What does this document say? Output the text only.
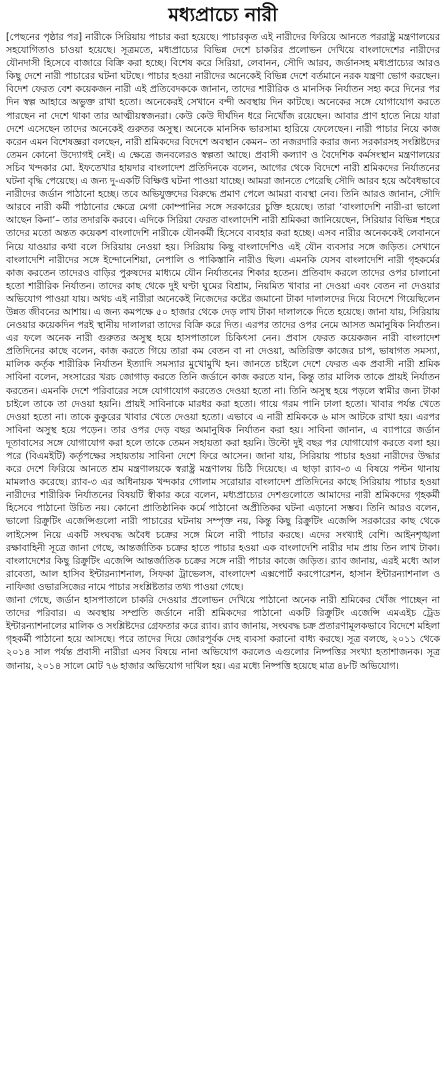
মধ্যপ্রাচ্যে নারী

[পেছনের পৃষ্ঠার পর] নারীকে সিরিয়ায় পাচার করা হয়েছে। পাচারকৃত এই নারীদের ফিরিয়ে আনতে পররাষ্ট্র মন্ত্রণালয়ের সহযোগিতাও চাওয়া হয়েছে। সূত্রমতে, মধ্যপ্রাচ্যের বিভিন্ন দেশে চাকরির প্রলোভন দেখিয়ে বাংলাদেশের নারীদের যৌনদাসী হিসেবে বাজারে বিক্রি করা হচ্ছে। বিশেষ করে সিরিয়া, লেবানন, সৌদি আরব, জর্ডানসহ মধ্যপ্রাচ্যের আরও কিছু দেশে নারী পাচারের ঘটনা ঘটছে। পাচার হওয়া নারীদের অনেকেই বিভিন্ন দেশে বর্তমানে নরক যন্ত্রণা ভোগ করছেন। বিদেশ ফেরত বেশ কয়েকজন নারী এই প্রতিবেদককে জানান, তাদের শারীরিক ও মানসিক নির্যাতন সহ্য করে দিনের পর দিন স্বল্প আহারে অভুক্ত রাখা হতো। অনেকেরই সেখানে বন্দী অবস্থায় দিন কাটছে। অনেকের সঙ্গে যোগাযোগ করতে পারছেন না দেশে থাকা তার আত্মীয়স্বজনরা। কেউ কেউ দীর্ঘদিন ধরে নিখোঁজ রয়েছেন। আবার প্রাণ হাতে নিয়ে যারা দেশে এসেছেন তাদের অনেকেই গুরুতর অসুস্থ। অনেকে মানসিক ভারসাম্য হারিয়ে ফেলেছেন। নারী পাচার নিয়ে কাজ করেন এমন বিশেষজ্ঞরা বলছেন, নারী শ্রমিকদের বিদেশে অবস্থান কেমন– তা নজরদারি করার জন্য সরকারসহ সংশ্লিষ্টদের তেমন কোনো উদ্যোগই নেই। এ ক্ষেত্রে জনবলেরও স্বল্পতা আছে। প্রবাসী কল্যাণ ও বৈদেশিক কর্মসংস্থান মন্ত্রণালয়ের সচিব খন্দকার মো. ইফতেখার হায়দার বাংলাদেশ প্রতিদিনকে বলেন, আগের থেকে বিদেশে নারী শ্রমিকদের নির্যাতনের ঘটনা বৃদ্ধি পেয়েছে। এ জন্য দু-একটি বিক্ষিপ্ত ঘটনা পাওয়া যাচ্ছে। আমরা জানতে পেরেছি সৌদি আরব হয়ে অবৈধভাবে নারীদের জর্ডান পাঠানো হচ্ছে। তবে অভিযুক্তদের বিরুদ্ধে প্রমাণ পেলে আমরা ব্যবস্থা নেব। তিনি আরও জানান, সৌদি আরবে নারী কর্মী পাঠানোর ক্ষেত্রে মেগা কোম্পানির সঙ্গে সরকারের চুক্তি হয়েছে। তারা ‘বাংলাদেশি নারী-রা ভালো আছেন কিনা’– তার তদারকি করবে। এদিকে সিরিয়া ফেরত বাংলাদেশি নারী শ্রমিকরা জানিয়েছেন, সিরিয়ার বিভিন্ন শহরে তাদের মতো অন্তত কয়েকশ বাংলাদেশি নারীকে যৌনকর্মী হিসেবে ব্যবহার করা হচ্ছে। এসব নারীর অনেককেই লেবাননে নিয়ে যাওয়ার কথা বলে সিরিয়ায় নেওয়া হয়। সিরিয়ায় কিছু বাংলাদেশিও এই যৌন ব্যবসার সঙ্গে জড়িত। সেখানে বাংলাদেশি নারীদের সঙ্গে ইন্দোনেশিয়া, নেপালি ও পাকিস্তানি নারীও ছিল। এমনকি যেসব বাংলাদেশি নারী গৃহকর্মের কাজ করতেন তাদেরও বাড়ির পুরুষদের মাধ্যমে যৌন নির্যাতনের শিকার হতেন। প্রতিবাদ করলে তাদের ওপর চালানো হতো শারীরিক নির্যাতন। তাদের কাছ থেকে দুই ঘণ্টা ঘুমের বিশ্রাম, নিয়মিত খাবার না দেওয়া এবং বেতন না দেওয়ার অভিযোগ পাওয়া যায়। অথচ এই নারীরা অনেকেই নিজেদের কষ্টের জমানো টাকা দালালদের দিয়ে বিদেশে গিয়েছিলেন উন্নত জীবনের আশায়। এ জন্য কমপক্ষে ৫০ হাজার থেকে দেড় লাখ টাকা দালালকে দিতে হয়েছে। জানা যায়, সিরিয়ায় নেওয়ার কয়েকদিন পরই স্থানীয় দালালরা তাদের বিক্রি করে দিত। এরপর তাদের ওপর নেমে আসত অমানুষিক নির্যাতন। এর ফলে অনেক নারী গুরুতর অসুস্থ হয়ে হাসপাতালে চিকিৎসা নেন। প্রবাস ফেরত কয়েকজন নারী বাংলাদেশ প্রতিদিনের কাছে বলেন, কাজ করতে গিয়ে তারা কম বেতন বা না দেওয়া, অতিরিক্ত কাজের চাপ, ভাষাগত সমস্যা, মালিক কর্তৃক শারীরিক নির্যাতন ইত্যাদি সমস্যার মুখোমুখি হন। জানতে চাইলে দেশে ফেরত এক প্রবাসী নারী শ্রমিক সাবিনা বলেন, সংসারের খরচ জোগাড় করতে তিনি জর্ডানে কাজ করতে যান, কিন্তু তার মালিক তাকে প্রায়ই নির্যাতন করতেন। এমনকি দেশে পরিবারের সঙ্গে যোগাযোগ করতেও দেওয়া হতো না। তিনি অসুস্থ হয়ে পড়লে স্বামীর জন্য টাকা চাইলে তাকে তা দেওয়া হয়নি। প্রায়ই সাবিনাকে মারধর করা হতো। গায়ে গরম পানি ঢালা হতো। খাবার পর্যন্ত খেতে দেওয়া হতো না। তাকে কুকুরের খাবার খেতে দেওয়া হতো। এভাবে এ নারী শ্রমিককে ৬ মাস আটকে রাখা হয়। এরপর সাবিনা অসুস্থ হয়ে পড়েন। তার ওপর দেড় বছর অমানুষিক নির্যাতন করা হয়। সাবিনা জানান, এ ব্যাপারে জর্ডান দূতাবাসের সঙ্গে যোগাযোগ করা হলে তাকে তেমন সহায়তা করা হয়নি। উল্টো দুই বছর পর যোগাযোগ করতে বলা হয়। পরে (বিএমইটি) কর্তৃপক্ষের সহায়তায় সাবিনা দেশে ফিরে আসেন। জানা যায়, সিরিয়ায় পাচার হওয়া নারীদের উদ্ধার করে দেশে ফিরিয়ে আনতে শ্রম মন্ত্রণালয়কে স্বরাষ্ট্র মন্ত্রণালয় চিঠি দিয়েছে। এ ছাড়া র‌্যাব-৩ এ বিষয়ে পল্টন থানায় মামলাও করেছে। র‌্যাব-৩ এর অধিনায়ক খন্দকার গোলাম সরোয়ার বাংলাদেশ প্রতিদিনের কাছে সিরিয়ায় পাচার হওয়া নারীদের শারীরিক নির্যাতনের বিষয়টি স্বীকার করে বলেন, মধ্যপ্রাচ্যের দেশগুলোতে আমাদের নারী শ্রমিকদের গৃহকর্মী হিসেবে পাঠানো উচিত নয়। কোনো প্রাতিষ্ঠানিক কর্মে পাঠানো অপ্রীতিকর ঘটনা এড়ানো সম্ভব। তিনি আরও বলেন, ভালো রিক্রুটিং এজেন্সিগুলো নারী পাচারের ঘটনায় সম্পৃক্ত নয়, কিন্তু কিছু রিক্রুটিং এজেন্সি সরকারের কাছ থেকে লাইসেন্স নিয়ে একটি সংঘবদ্ধ অবৈধ চক্রের সঙ্গে মিলে নারী পাচার করছে। এদের সংখ্যাই বেশি। আইনশৃঙ্খলা রক্ষাবাহিনী সূত্রে জানা গেছে, আন্তর্জাতিক চক্রের হাতে পাচার হওয়া এক বাংলাদেশি নারীর দাম প্রায় তিন লাখ টাকা। বাংলাদেশের কিছু রিক্রুটিং এজেন্সি আন্তর্জাতিক চক্রের সঙ্গে নারী পাচার কাজে জড়িত। র‌্যাব জানায়, এরই মধ্যে আল রাবেতা, আল হাসিব ইন্টারন্যাশনাল, সিফকা ট্রাভেলস, বাংলাদেশ এক্সপোর্ট করপোরেশন, হাসান ইন্টারন্যাশনাল ও নাফিজা ওভারসিজের নামে পাচার সংশ্লিষ্টতার তথ্য পাওয়া গেছে।

জানা গেছে, জর্ডান হাসপাতালে চাকরি দেওয়ার প্রলোভন দেখিয়ে পাঠানো অনেক নারী শ্রমিকের খোঁজ পাচ্ছেন না তাদের পরিবার। এ অবস্থায় সম্প্রতি জর্ডানে নারী শ্রমিকদের পাঠানো একটি রিক্রুটিং এজেন্সি এমএইচ ট্রেড ইন্টারন্যাশনালের মালিক ও সংশ্লিষ্টদের গ্রেফতার করে র‌্যাব। র‌্যাব জানায়, সংঘবদ্ধ চক্র প্রতারণামূলকভাবে বিদেশে মহিলা গৃহকর্মী পাঠানো হয়ে আসছে। পরে তাদের দিয়ে জোরপূর্বক দেহ ব্যবসা করানো বাধ্য করছে। সূত্র বলছে, ২০১১ থেকে ২০১৪ সাল পর্যন্ত প্রবাসী নারীরা এসব বিষয়ে নানা অভিযোগ করলেও এগুলোর নিষ্পত্তির সংখ্যা হতাশাজনক। সূত্র জানায়, ২০১৪ সালে মোট ৭৬ হাজার অভিযোগ দাখিল হয়। এর মধ্যে নিষ্পত্তি হয়েছে মাত্র ৪৮টি অভিযোগ।
